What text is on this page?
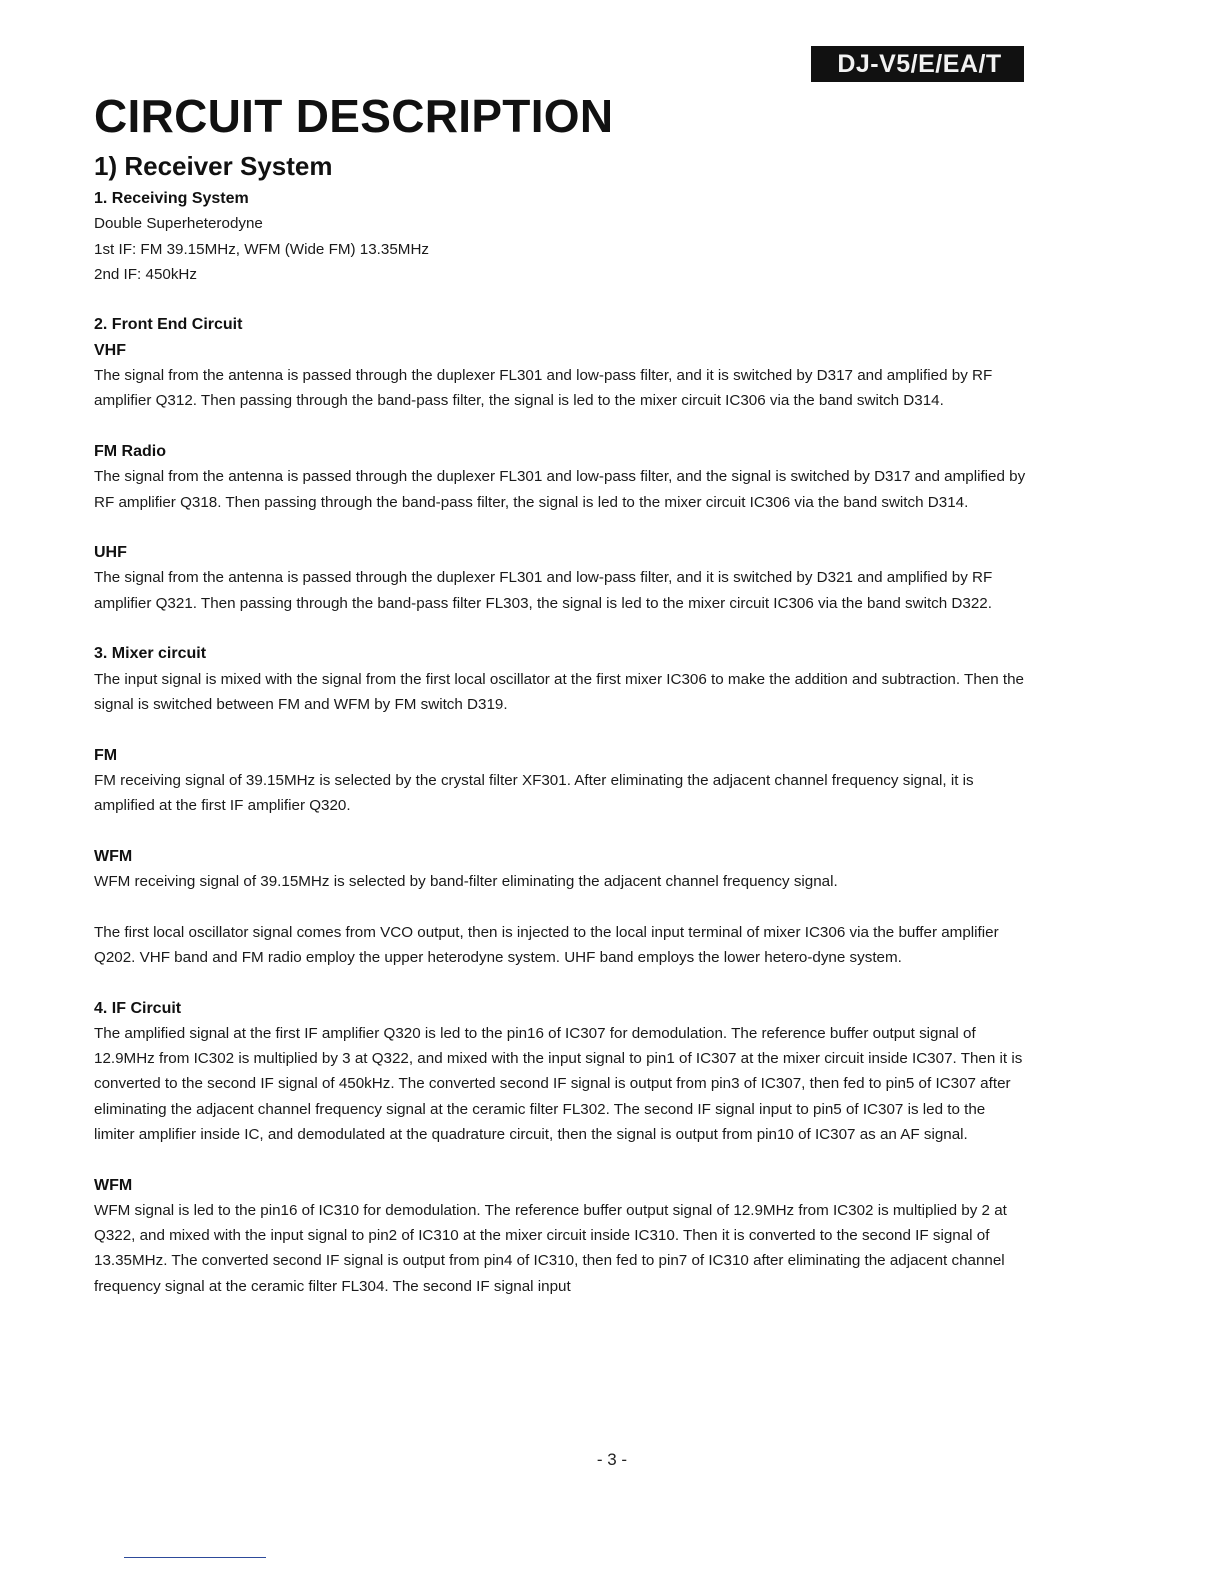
DJ-V5/E/EA/T
CIRCUIT DESCRIPTION
1) Receiver System

1. Receiving System

Double Superheterodyne

1st IF: FM 39.15MHz, WFM (Wide FM) 13.35MHz

2nd IF: 450kHz

2. Front End Circuit

VHF

The signal from the antenna is passed through the duplexer FL301 and low-pass filter, and it is switched by D317 and amplified by RF amplifier Q312. Then passing through the band-pass filter, the signal is led to the mixer circuit IC306 via the band switch D314.

FM Radio

The signal from the antenna is passed through the duplexer FL301 and low-pass filter, and the signal is switched by D317 and amplified by RF amplifier Q318. Then passing through the band-pass filter, the signal is led to the mixer circuit IC306 via the band switch D314.

UHF

The signal from the antenna is passed through the duplexer FL301 and low-pass filter, and it is switched by D321 and amplified by RF amplifier Q321. Then passing through the band-pass filter FL303, the signal is led to the mixer circuit IC306 via the band switch D322.

3. Mixer circuit

The input signal is mixed with the signal from the first local oscillator at the first mixer IC306 to make the addition and subtraction. Then the signal is switched between FM and WFM by FM switch D319.

FM

FM receiving signal of 39.15MHz is selected by the crystal filter XF301. After eliminating the adjacent channel frequency signal, it is amplified at the first IF amplifier Q320.

WFM

WFM receiving signal of 39.15MHz is selected by band-filter eliminating the adjacent channel frequency signal.

The first local oscillator signal comes from VCO output, then is injected to the local input terminal of mixer IC306 via the buffer amplifier Q202. VHF band and FM radio employ the upper heterodyne system. UHF band employs the lower hetero-dyne system.

4. IF Circuit

The amplified signal at the first IF amplifier Q320 is led to the pin16 of IC307 for demodulation. The reference buffer output signal of 12.9MHz from IC302 is multiplied by 3 at Q322, and mixed with the input signal to pin1 of IC307 at the mixer circuit inside IC307. Then it is converted to the second IF signal of 450kHz. The converted second IF signal is output from pin3 of IC307, then fed to pin5 of IC307 after eliminating the adjacent channel frequency signal at the ceramic filter FL302. The second IF signal input to pin5 of IC307 is led to the limiter amplifier inside IC, and demodulated at the quadrature circuit, then the signal is output from pin10 of IC307 as an AF signal.

WFM

WFM signal is led to the pin16 of IC310 for demodulation. The reference buffer output signal of 12.9MHz from IC302 is multiplied by 2 at Q322, and mixed with the input signal to pin2 of IC310 at the mixer circuit inside IC310. Then it is converted to the second IF signal of 13.35MHz. The converted second IF signal is output from pin4 of IC310, then fed to pin7 of IC310 after eliminating the adjacent channel frequency signal at the ceramic filter FL304. The second IF signal input

- 3 -
